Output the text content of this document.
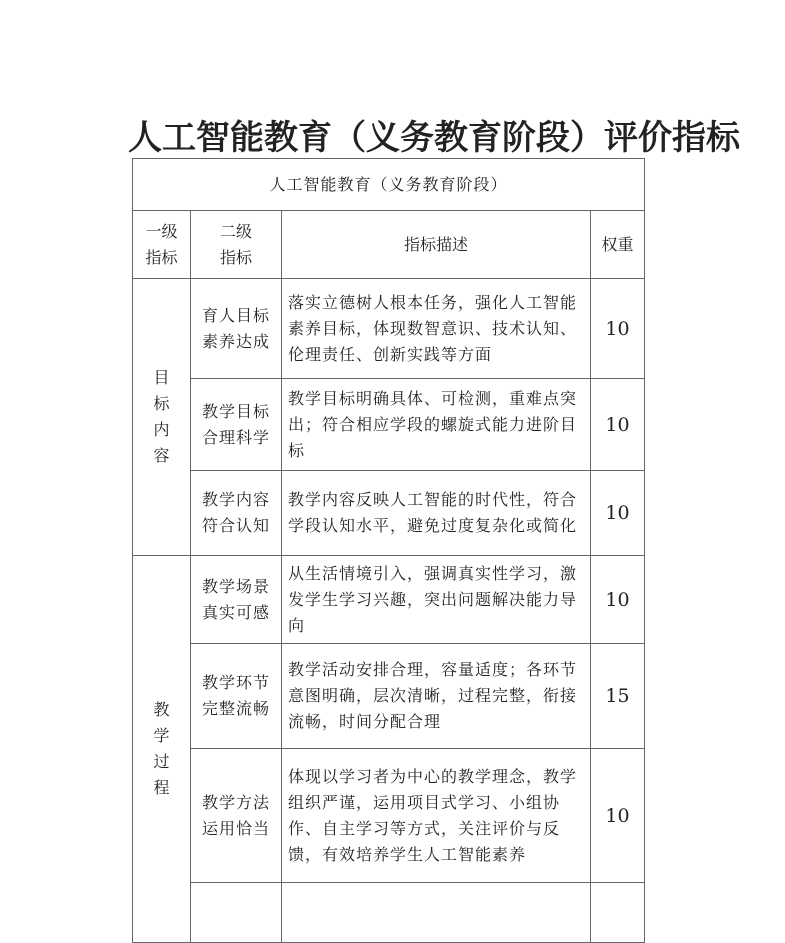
人工智能教育（义务教育阶段）评价指标
人工智能教育（义务教育阶段）			
一级指标	二级指标	指标描述	权重
目标内容	育人目标素养达成	落实立德树人根本任务，强化人工智能素养目标，体现数智意识、技术认知、伦理责任、创新实践等方面	10
	教学目标合理科学	教学目标明确具体、可检测，重难点突出；符合相应学段的螺旋式能力进阶目标	10
	教学内容符合认知	教学内容反映人工智能的时代性，符合学段认知水平，避免过度复杂化或简化	10
教学过程	教学场景真实可感	从生活情境引入，强调真实性学习，激发学生学习兴趣，突出问题解决能力导向	10
	教学环节完整流畅	教学活动安排合理，容量适度；各环节意图明确，层次清晰，过程完整，衔接流畅，时间分配合理	15
	教学方法运用恰当	体现以学习者为中心的教学理念，教学组织严谨，运用项目式学习、小组协作、自主学习等方式，关注评价与反馈，有效培养学生人工智能素养	10
